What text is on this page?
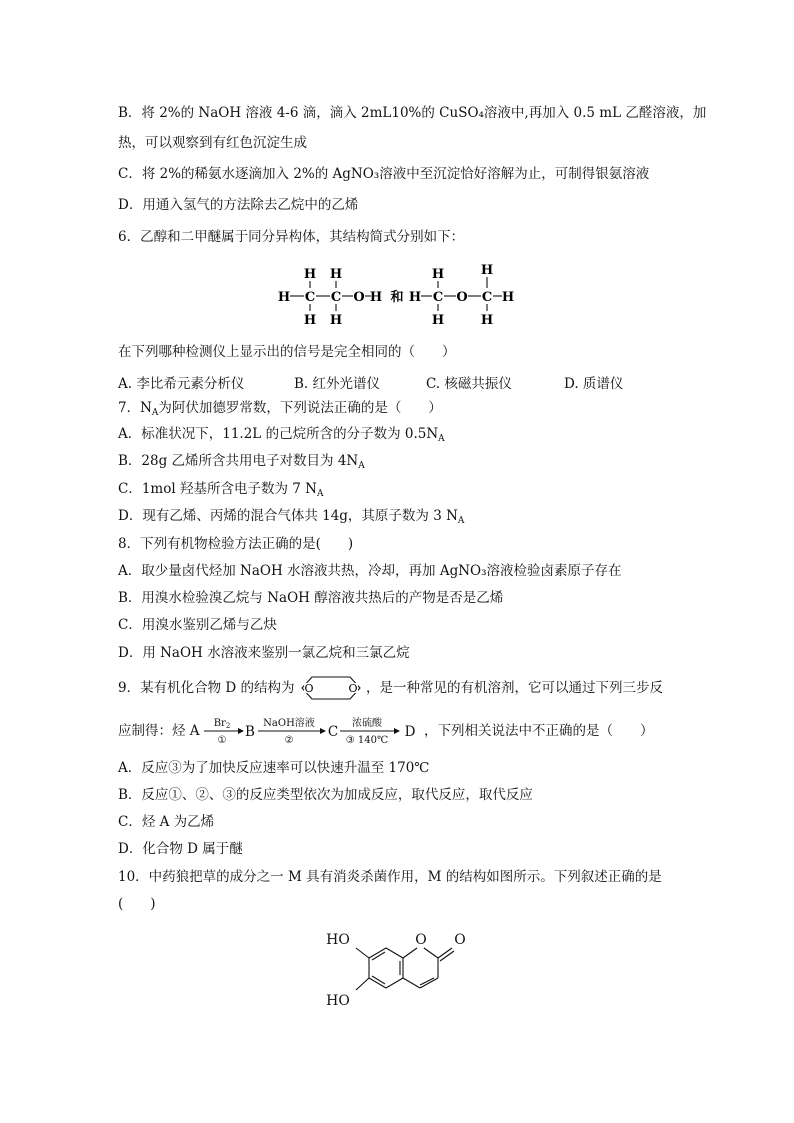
B．将 2%的 NaOH 溶液 4-6 滴，滴入 2mL10%的 CuSO₄溶液中,再加入 0.5 mL 乙醛溶液，加
热，可以观察到有红色沉淀生成
C．将 2%的稀氨水逐滴加入 2%的 AgNO₃溶液中至沉淀恰好溶解为止，可制得银氨溶液
D．用通入氢气的方法除去乙烷中的乙烯
6．乙醇和二甲醚属于同分异构体，其结构简式分别如下：
H H
H C C O H
H H
和
H	H
H C O C H
H	H
在下列哪种检测仪上显示出的信号是完全相同的（　　）
A. 李比希元素分析仪	B. 红外光谱仪	C. 核磁共振仪	D. 质谱仪
7．$N_A$为阿伏加德罗常数，下列说法正确的是（　　）
A．标准状况下，11.2L 的己烷所含的分子数为 $0.5N_A$
B．28g 乙烯所含共用电子对数目为 $4N_A$
C．1mol 羟基所含电子数为 7 $N_A$
D．现有乙烯、丙烯的混合气体共 14g，其原子数为 3 $N_A$
8．下列有机物检验方法正确的是(　　)
A．取少量卤代烃加 NaOH 水溶液共热，冷却，再加 AgNO₃溶液检验卤素原子存在
B．用溴水检验溴乙烷与 NaOH 醇溶液共热后的产物是否是乙烯
C．用溴水鉴别乙烯与乙炔
D．用 NaOH 水溶液来鉴别一氯乙烷和三氯乙烷
9．某有机化合物 D 的结构为 O	O ，是一种常见的有机溶剂，它可以通过下列三步反
应制得：烃 A $Br_2$
①
NaOH溶液
②
浓硫酸
③ 140℃
B	C	D ，下列相关说法中不正确的是（　　）
A．反应③为了加快反应速率可以快速升温至 170℃
B．反应①、②、③的反应类型依次为加成反应，取代反应，取代反应
C．烃 A 为乙烯
D．化合物 D 属于醚
10．中药狼把草的成分之一 M 具有消炎杀菌作用，M 的结构如图所示。下列叙述正确的是
(　　)
HO
HO
O O
